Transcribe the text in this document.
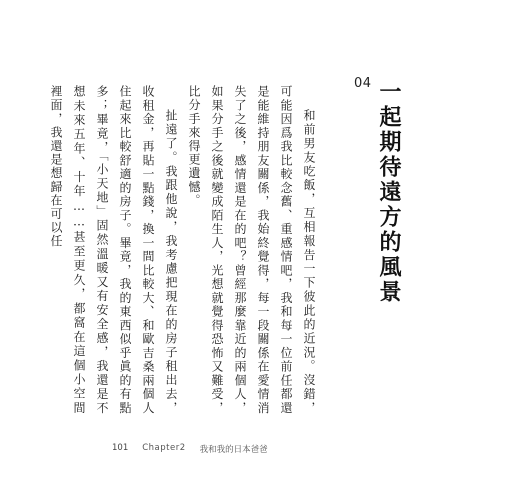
04 一起期待遠方的風景

和前男友吃飯，互相報告一下彼此的近況。沒錯，可能因爲我比較念舊、重感情吧，我和每一位前任都還是能維持朋友關係，我始終覺得，每一段關係在愛情消失了之後，感情還是在的吧？曾經那麼靠近的兩個人，如果分手之後就變成陌生人，光想就覺得恐怖又難受，比分手來得更遺憾。

扯遠了。我跟他說，我考慮把現在的房子租出去，收租金，再貼一點錢，換一間比較大、和歐吉桑兩個人住起來比較舒適的房子。畢竟，我的東西似乎眞的有點多；畢竟，「小天地」固然溫暖又有安全感，我還是不想未來五年、十年……甚至更久，都窩在這個小空間裡面，我還是想歸在可以任

101 Chapter2 我和我的日本爸爸
